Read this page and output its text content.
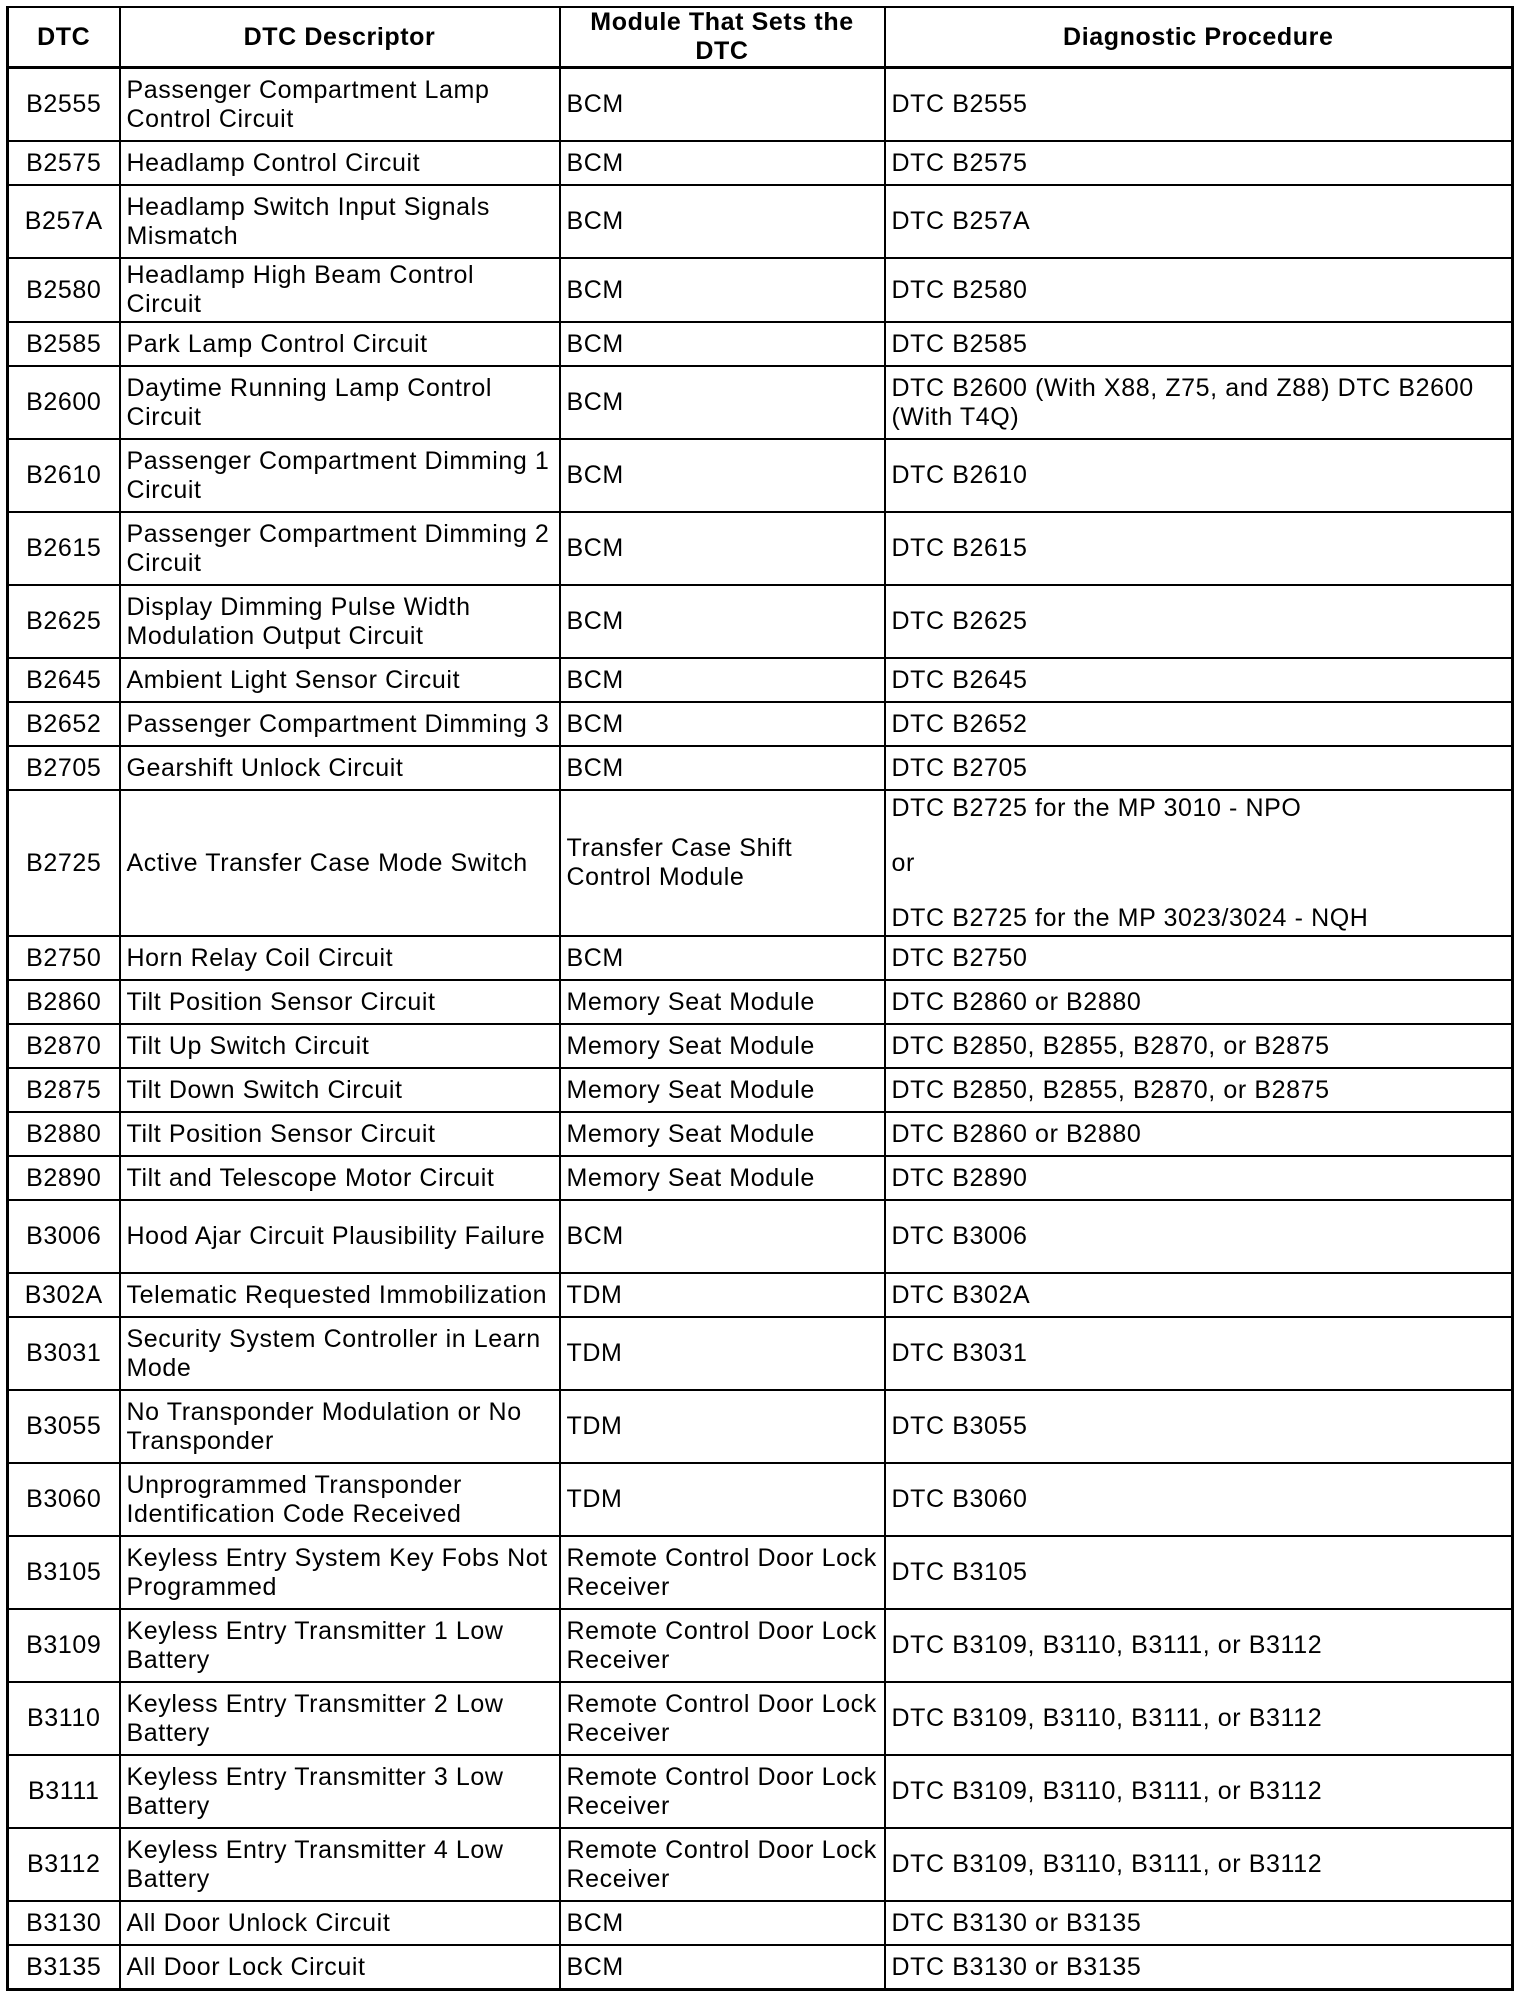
DTC	DTC Descriptor	Module That Sets the DTC	Diagnostic Procedure
B2555	Passenger Compartment Lamp Control Circuit	BCM	DTC B2555

B2575	Headlamp Control Circuit	BCM	DTC B2575

B257A	Headlamp Switch Input Signals Mismatch	BCM	DTC B257A

B2580	Headlamp High Beam Control Circuit	BCM	DTC B2580

B2585	Park Lamp Control Circuit	BCM	DTC B2585

B2600	Daytime Running Lamp Control Circuit	BCM	DTC B2600 (With X88, Z75, and Z88) DTC B2600 (With T4Q)

B2610	Passenger Compartment Dimming 1 Circuit	BCM	DTC B2610

B2615	Passenger Compartment Dimming 2 Circuit	BCM	DTC B2615

B2625	Display Dimming Pulse Width Modulation Output Circuit	BCM	DTC B2625

B2645	Ambient Light Sensor Circuit	BCM	DTC B2645

B2652	Passenger Compartment Dimming 3	BCM	DTC B2652

B2705	Gearshift Unlock Circuit	BCM	DTC B2705

B2725	Active Transfer Case Mode Switch	Transfer Case Shift Control Module	DTC B2725 for the MP 3010 - NPO
or
DTC B2725 for the MP 3023/3024 - NQH

B2750	Horn Relay Coil Circuit	BCM	DTC B2750

B2860	Tilt Position Sensor Circuit	Memory Seat Module	DTC B2860 or B2880

B2870	Tilt Up Switch Circuit	Memory Seat Module	DTC B2850, B2855, B2870, or B2875

B2875	Tilt Down Switch Circuit	Memory Seat Module	DTC B2850, B2855, B2870, or B2875

B2880	Tilt Position Sensor Circuit	Memory Seat Module	DTC B2860 or B2880

B2890	Tilt and Telescope Motor Circuit	Memory Seat Module	DTC B2890

B3006	Hood Ajar Circuit Plausibility Failure	BCM	DTC B3006

B302A	Telematic Requested Immobilization	TDM	DTC B302A

B3031	Security System Controller in Learn Mode	TDM	DTC B3031

B3055	No Transponder Modulation or No Transponder	TDM	DTC B3055

B3060	Unprogrammed Transponder Identification Code Received	TDM	DTC B3060

B3105	Keyless Entry System Key Fobs Not Programmed	Remote Control Door Lock Receiver	DTC B3105

B3109	Keyless Entry Transmitter 1 Low Battery	Remote Control Door Lock Receiver	DTC B3109, B3110, B3111, or B3112

B3110	Keyless Entry Transmitter 2 Low Battery	Remote Control Door Lock Receiver	DTC B3109, B3110, B3111, or B3112

B3111	Keyless Entry Transmitter 3 Low Battery	Remote Control Door Lock Receiver	DTC B3109, B3110, B3111, or B3112

B3112	Keyless Entry Transmitter 4 Low Battery	Remote Control Door Lock Receiver	DTC B3109, B3110, B3111, or B3112

B3130	All Door Unlock Circuit	BCM	DTC B3130 or B3135

B3135	All Door Lock Circuit	BCM	DTC B3130 or B3135
